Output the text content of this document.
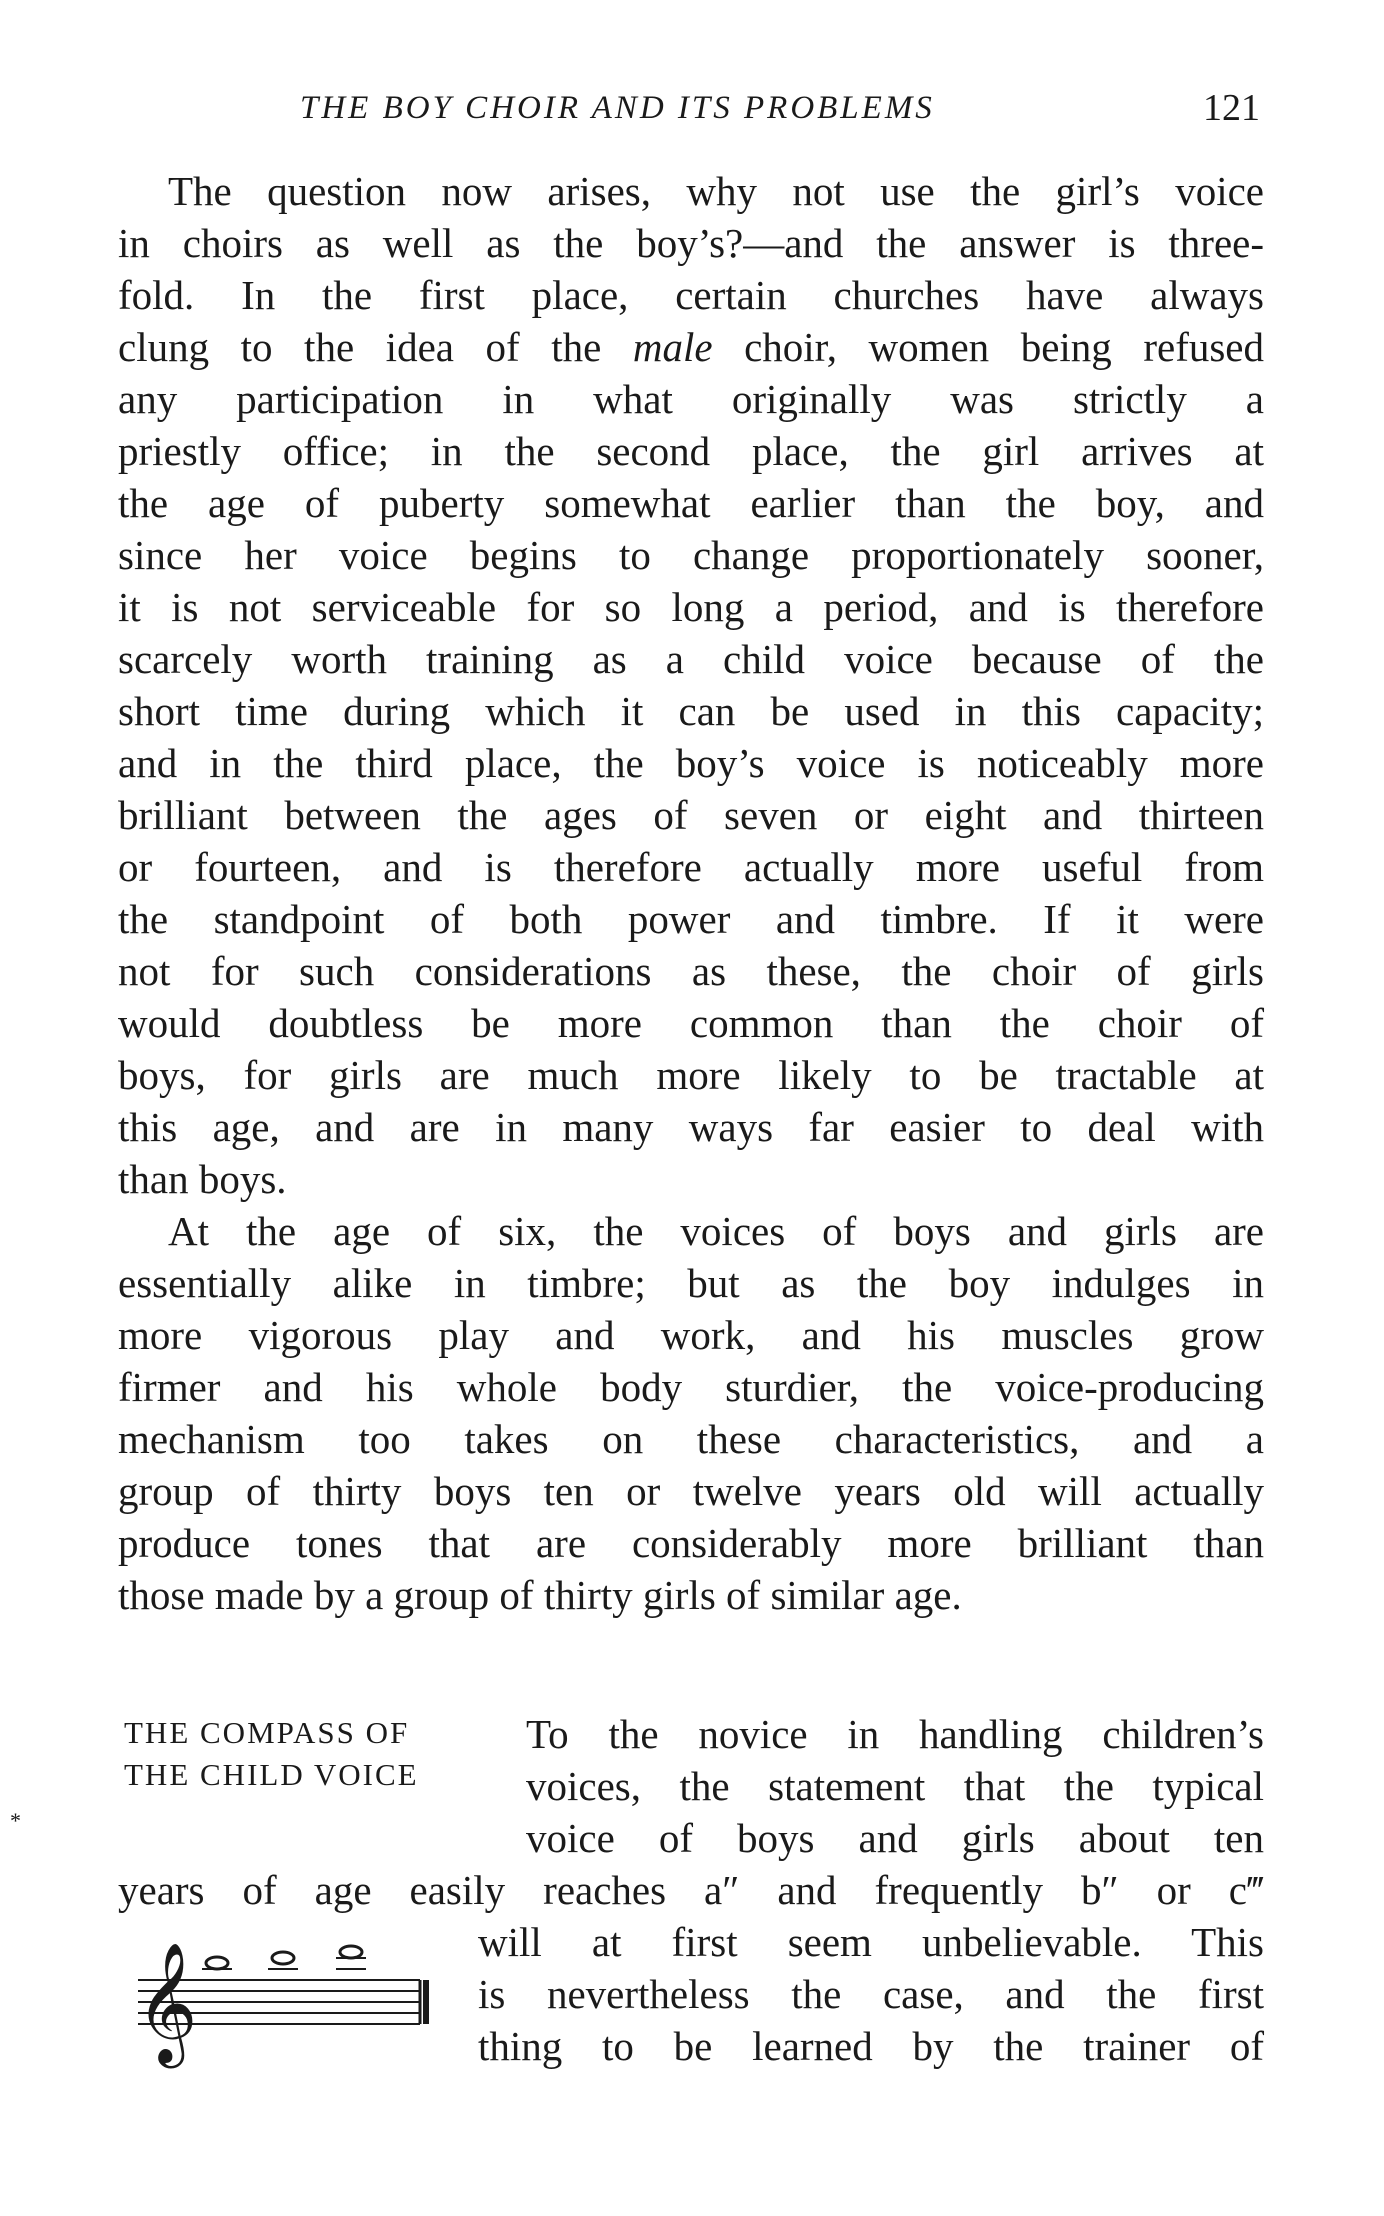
THE BOY CHOIR AND ITS PROBLEMS	121
The question now arises, why not use the girl’s voice
in choirs as well as the boy’s?—and the answer is three-
fold. In the first place, certain churches have always
clung to the idea of the male choir, women being refused
any participation in what originally was strictly a
priestly office; in the second place, the girl arrives at
the age of puberty somewhat earlier than the boy, and
since her voice begins to change proportionately sooner,
it is not serviceable for so long a period, and is therefore
scarcely worth training as a child voice because of the
short time during which it can be used in this capacity;
and in the third place, the boy’s voice is noticeably more
brilliant between the ages of seven or eight and thirteen
or fourteen, and is therefore actually more useful from
the standpoint of both power and timbre. If it were
not for such considerations as these, the choir of girls
would doubtless be more common than the choir of
boys, for girls are much more likely to be tractable at
this age, and are in many ways far easier to deal with
than boys.
At the age of six, the voices of boys and girls are
essentially alike in timbre; but as the boy indulges in
more vigorous play and work, and his muscles grow
firmer and his whole body sturdier, the voice-producing
mechanism too takes on these characteristics, and a
group of thirty boys ten or twelve years old will actually
produce tones that are considerably more brilliant than
those made by a group of thirty girls of similar age.
THE COMPASS OF
THE CHILD VOICE
To the novice in handling children’s
voices, the statement that the typical
voice of boys and girls about ten
years of age easily reaches a″ and frequently b″ or c‴
will at first seem unbelievable. This
is nevertheless the case, and the first
thing to be learned by the trainer of
*
𝄞
